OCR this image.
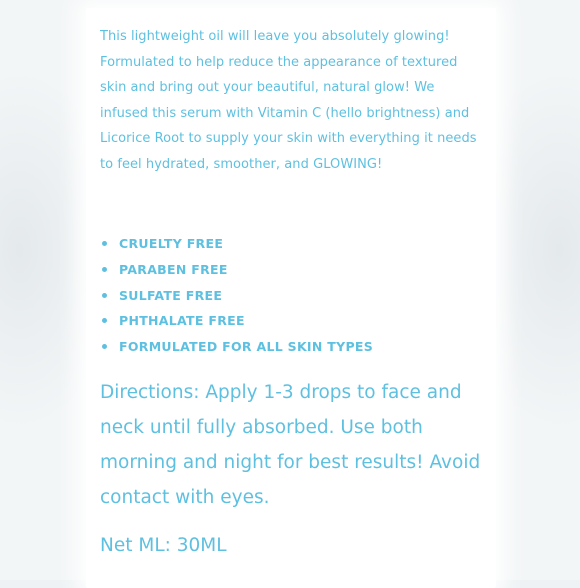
This lightweight oil will leave you absolutely glowing! Formulated to help reduce the appearance of textured skin and bring out your beautiful, natural glow! We infused this serum with Vitamin C (hello brightness) and Licorice Root to supply your skin with everything it needs to feel hydrated, smoother, and GLOWING!

CRUELTY FREE
PARABEN FREE
SULFATE FREE
PHTHALATE FREE
FORMULATED FOR ALL SKIN TYPES

Directions: Apply 1-3 drops to face and neck until fully absorbed. Use both morning and night for best results! Avoid contact with eyes.

Net ML: 30ML
